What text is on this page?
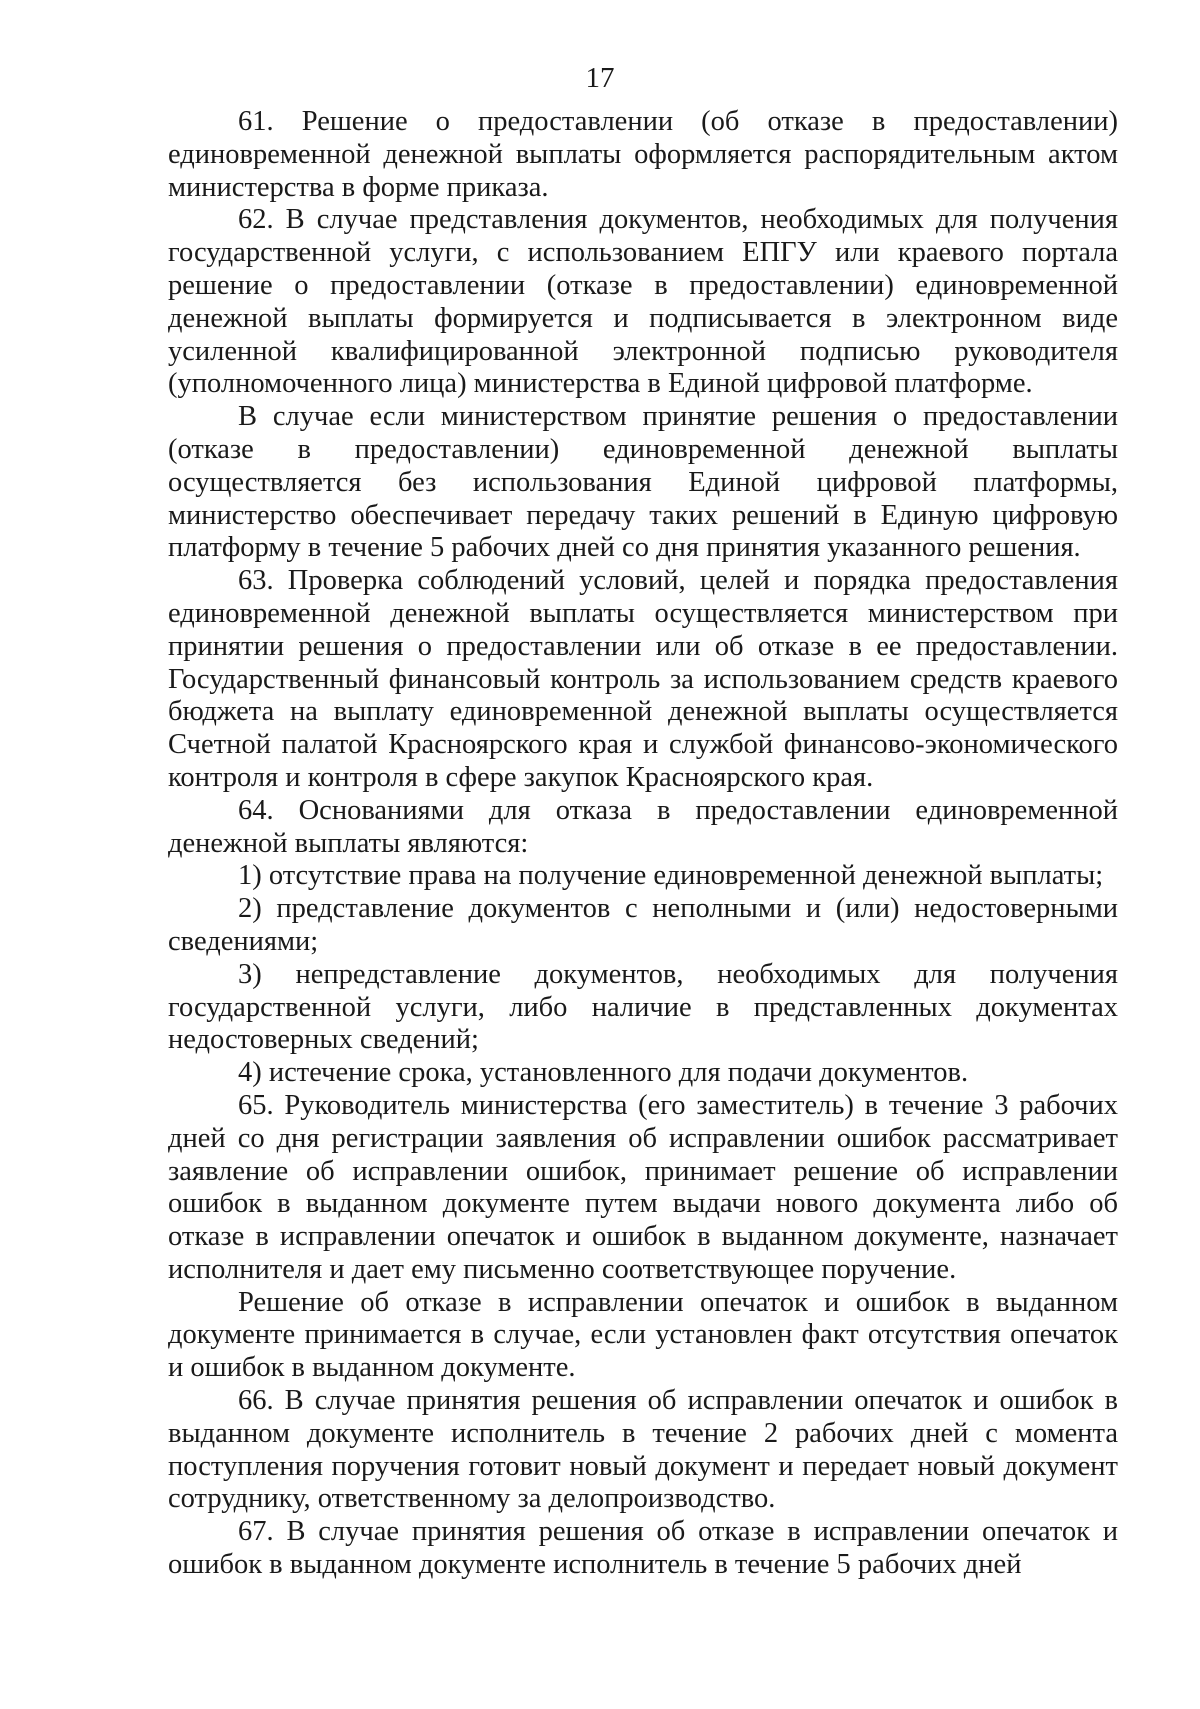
17

61. Решение о предоставлении (об отказе в предоставлении) единовременной денежной выплаты оформляется распорядительным актом министерства в форме приказа.

62. В случае представления документов, необходимых для получения государственной услуги, с использованием ЕПГУ или краевого портала решение о предоставлении (отказе в предоставлении) единовременной денежной выплаты формируется и подписывается в электронном виде усиленной квалифицированной электронной подписью руководителя (уполномоченного лица) министерства в Единой цифровой платформе.

В случае если министерством принятие решения о предоставлении (отказе в предоставлении) единовременной денежной выплаты осуществляется без использования Единой цифровой платформы, министерство обеспечивает передачу таких решений в Единую цифровую платформу в течение 5 рабочих дней со дня принятия указанного решения.

63. Проверка соблюдений условий, целей и порядка предоставления единовременной денежной выплаты осуществляется министерством при принятии решения о предоставлении или об отказе в ее предоставлении. Государственный финансовый контроль за использованием средств краевого бюджета на выплату единовременной денежной выплаты осуществляется Счетной палатой Красноярского края и службой финансово-экономического контроля и контроля в сфере закупок Красноярского края.

64. Основаниями для отказа в предоставлении единовременной денежной выплаты являются:

1) отсутствие права на получение единовременной денежной выплаты;

2) представление документов с неполными и (или) недостоверными сведениями;

3) непредставление документов, необходимых для получения государственной услуги, либо наличие в представленных документах недостоверных сведений;

4) истечение срока, установленного для подачи документов.

65. Руководитель министерства (его заместитель) в течение 3 рабочих дней со дня регистрации заявления об исправлении ошибок рассматривает заявление об исправлении ошибок, принимает решение об исправлении ошибок в выданном документе путем выдачи нового документа либо об отказе в исправлении опечаток и ошибок в выданном документе, назначает исполнителя и дает ему письменно соответствующее поручение.

Решение об отказе в исправлении опечаток и ошибок в выданном документе принимается в случае, если установлен факт отсутствия опечаток и ошибок в выданном документе.

66. В случае принятия решения об исправлении опечаток и ошибок в выданном документе исполнитель в течение 2 рабочих дней с момента поступления поручения готовит новый документ и передает новый документ сотруднику, ответственному за делопроизводство.

67. В случае принятия решения об отказе в исправлении опечаток и ошибок в выданном документе исполнитель в течение 5 рабочих дней
